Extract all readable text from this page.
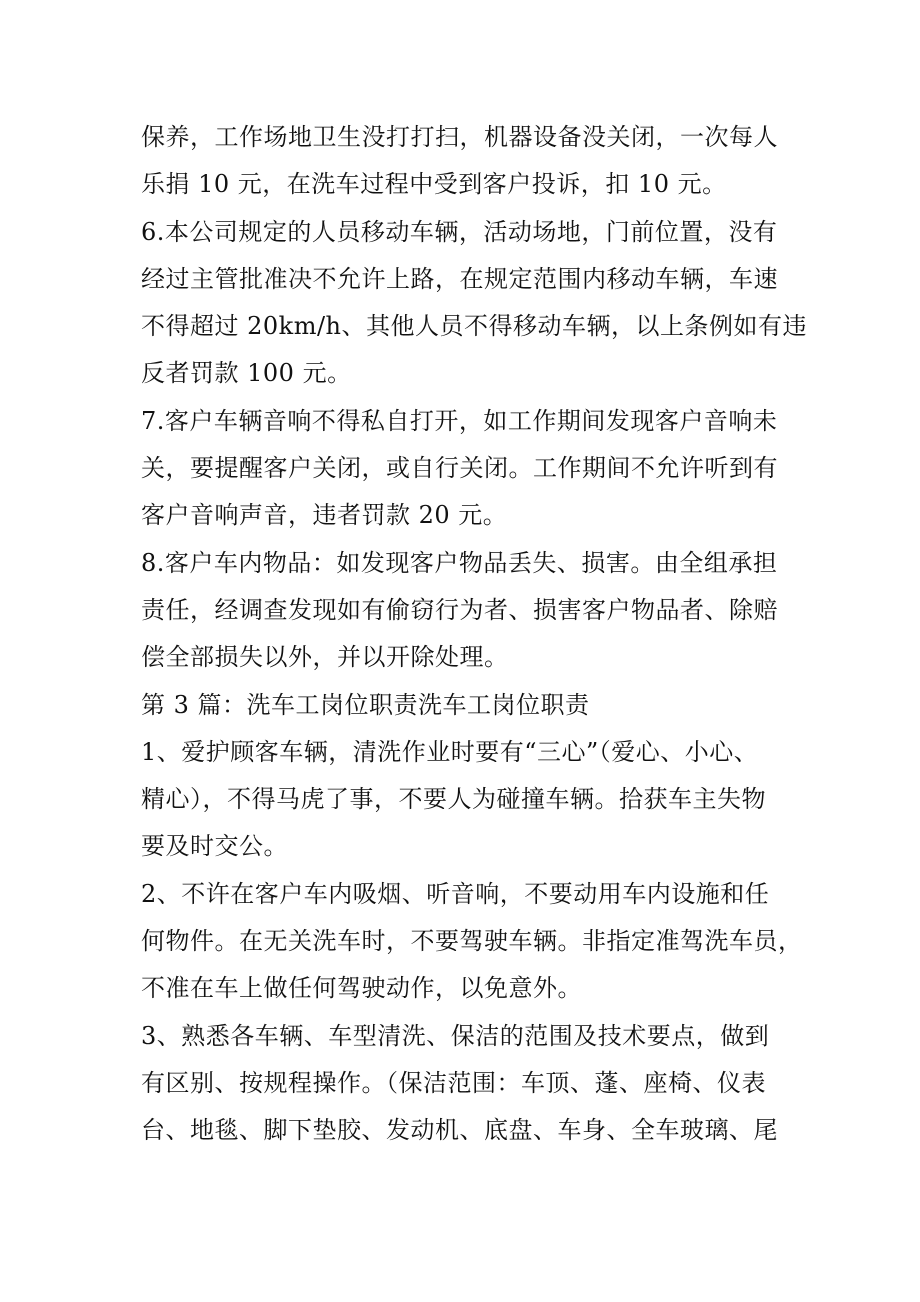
保养，工作场地卫生没打打扫，机器设备没关闭，一次每人
乐捐 10 元，在洗车过程中受到客户投诉，扣 10 元。
6.本公司规定的人员移动车辆，活动场地，门前位置，没有
经过主管批准决不允许上路，在规定范围内移动车辆，车速
不得超过 20km/h、其他人员不得移动车辆，以上条例如有违
反者罚款 100 元。
7.客户车辆音响不得私自打开，如工作期间发现客户音响未
关，要提醒客户关闭，或自行关闭。工作期间不允许听到有
客户音响声音，违者罚款 20 元。
8.客户车内物品：如发现客户物品丢失、损害。由全组承担
责任，经调查发现如有偷窃行为者、损害客户物品者、除赔
偿全部损失以外，并以开除处理。
第 3 篇：洗车工岗位职责洗车工岗位职责
1、爱护顾客车辆，清洗作业时要有“三心”（爱心、小心、
精心），不得马虎了事，不要人为碰撞车辆。拾获车主失物
要及时交公。
2、不许在客户车内吸烟、听音响，不要动用车内设施和任
何物件。在无关洗车时，不要驾驶车辆。非指定准驾洗车员，
不准在车上做任何驾驶动作，以免意外。
3、熟悉各车辆、车型清洗、保洁的范围及技术要点，做到
有区别、按规程操作。（保洁范围：车顶、蓬、座椅、仪表
台、地毯、脚下垫胶、发动机、底盘、车身、全车玻璃、尾
